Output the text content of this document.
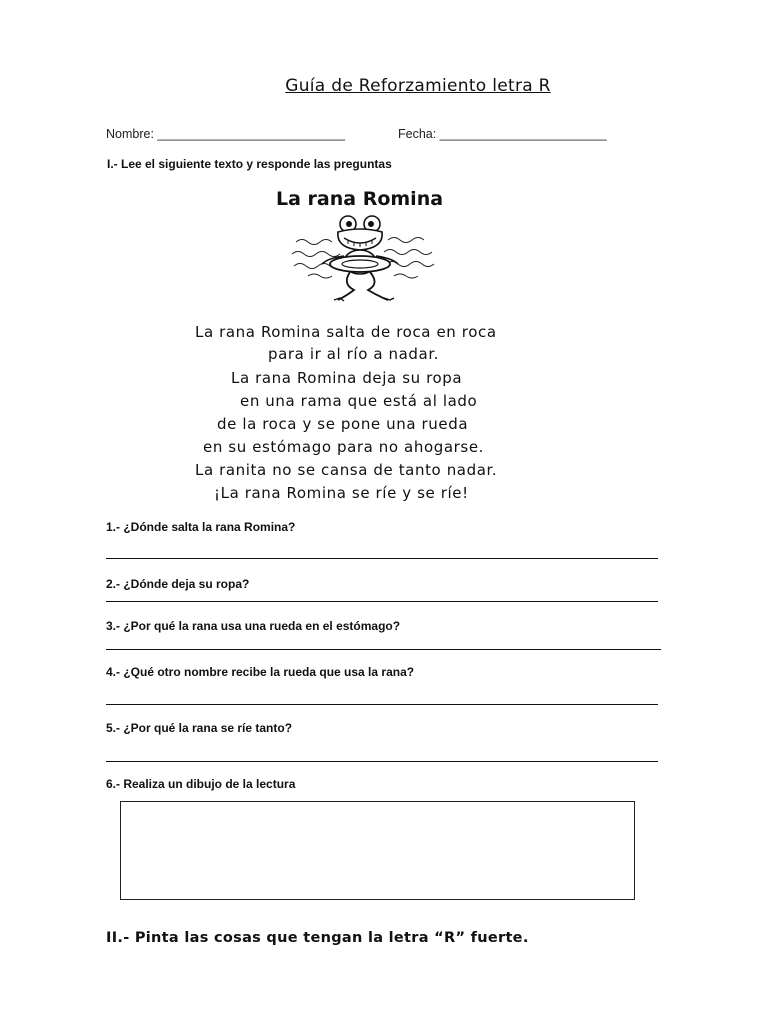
Guía de Reforzamiento letra R
Nombre: ___________________________	Fecha: ________________________
I.- Lee el siguiente texto y responde las preguntas
La rana Romina
La rana Romina salta de roca en roca
para ir al río a nadar.
La rana Romina deja su ropa
en una rama que está al lado
de la roca y se pone una rueda
en su estómago para no ahogarse.
La ranita no se cansa de tanto nadar.
¡La rana Romina se ríe y se ríe!
1.- ¿Dónde salta la rana Romina?
2.- ¿Dónde deja su ropa?
3.- ¿Por qué la rana usa una rueda en el estómago?
4.- ¿Qué otro nombre recibe la rueda que usa la rana?
5.- ¿Por qué la rana se ríe tanto?
6.- Realiza un dibujo de la lectura
II.- Pinta las cosas que tengan la letra “R” fuerte.
